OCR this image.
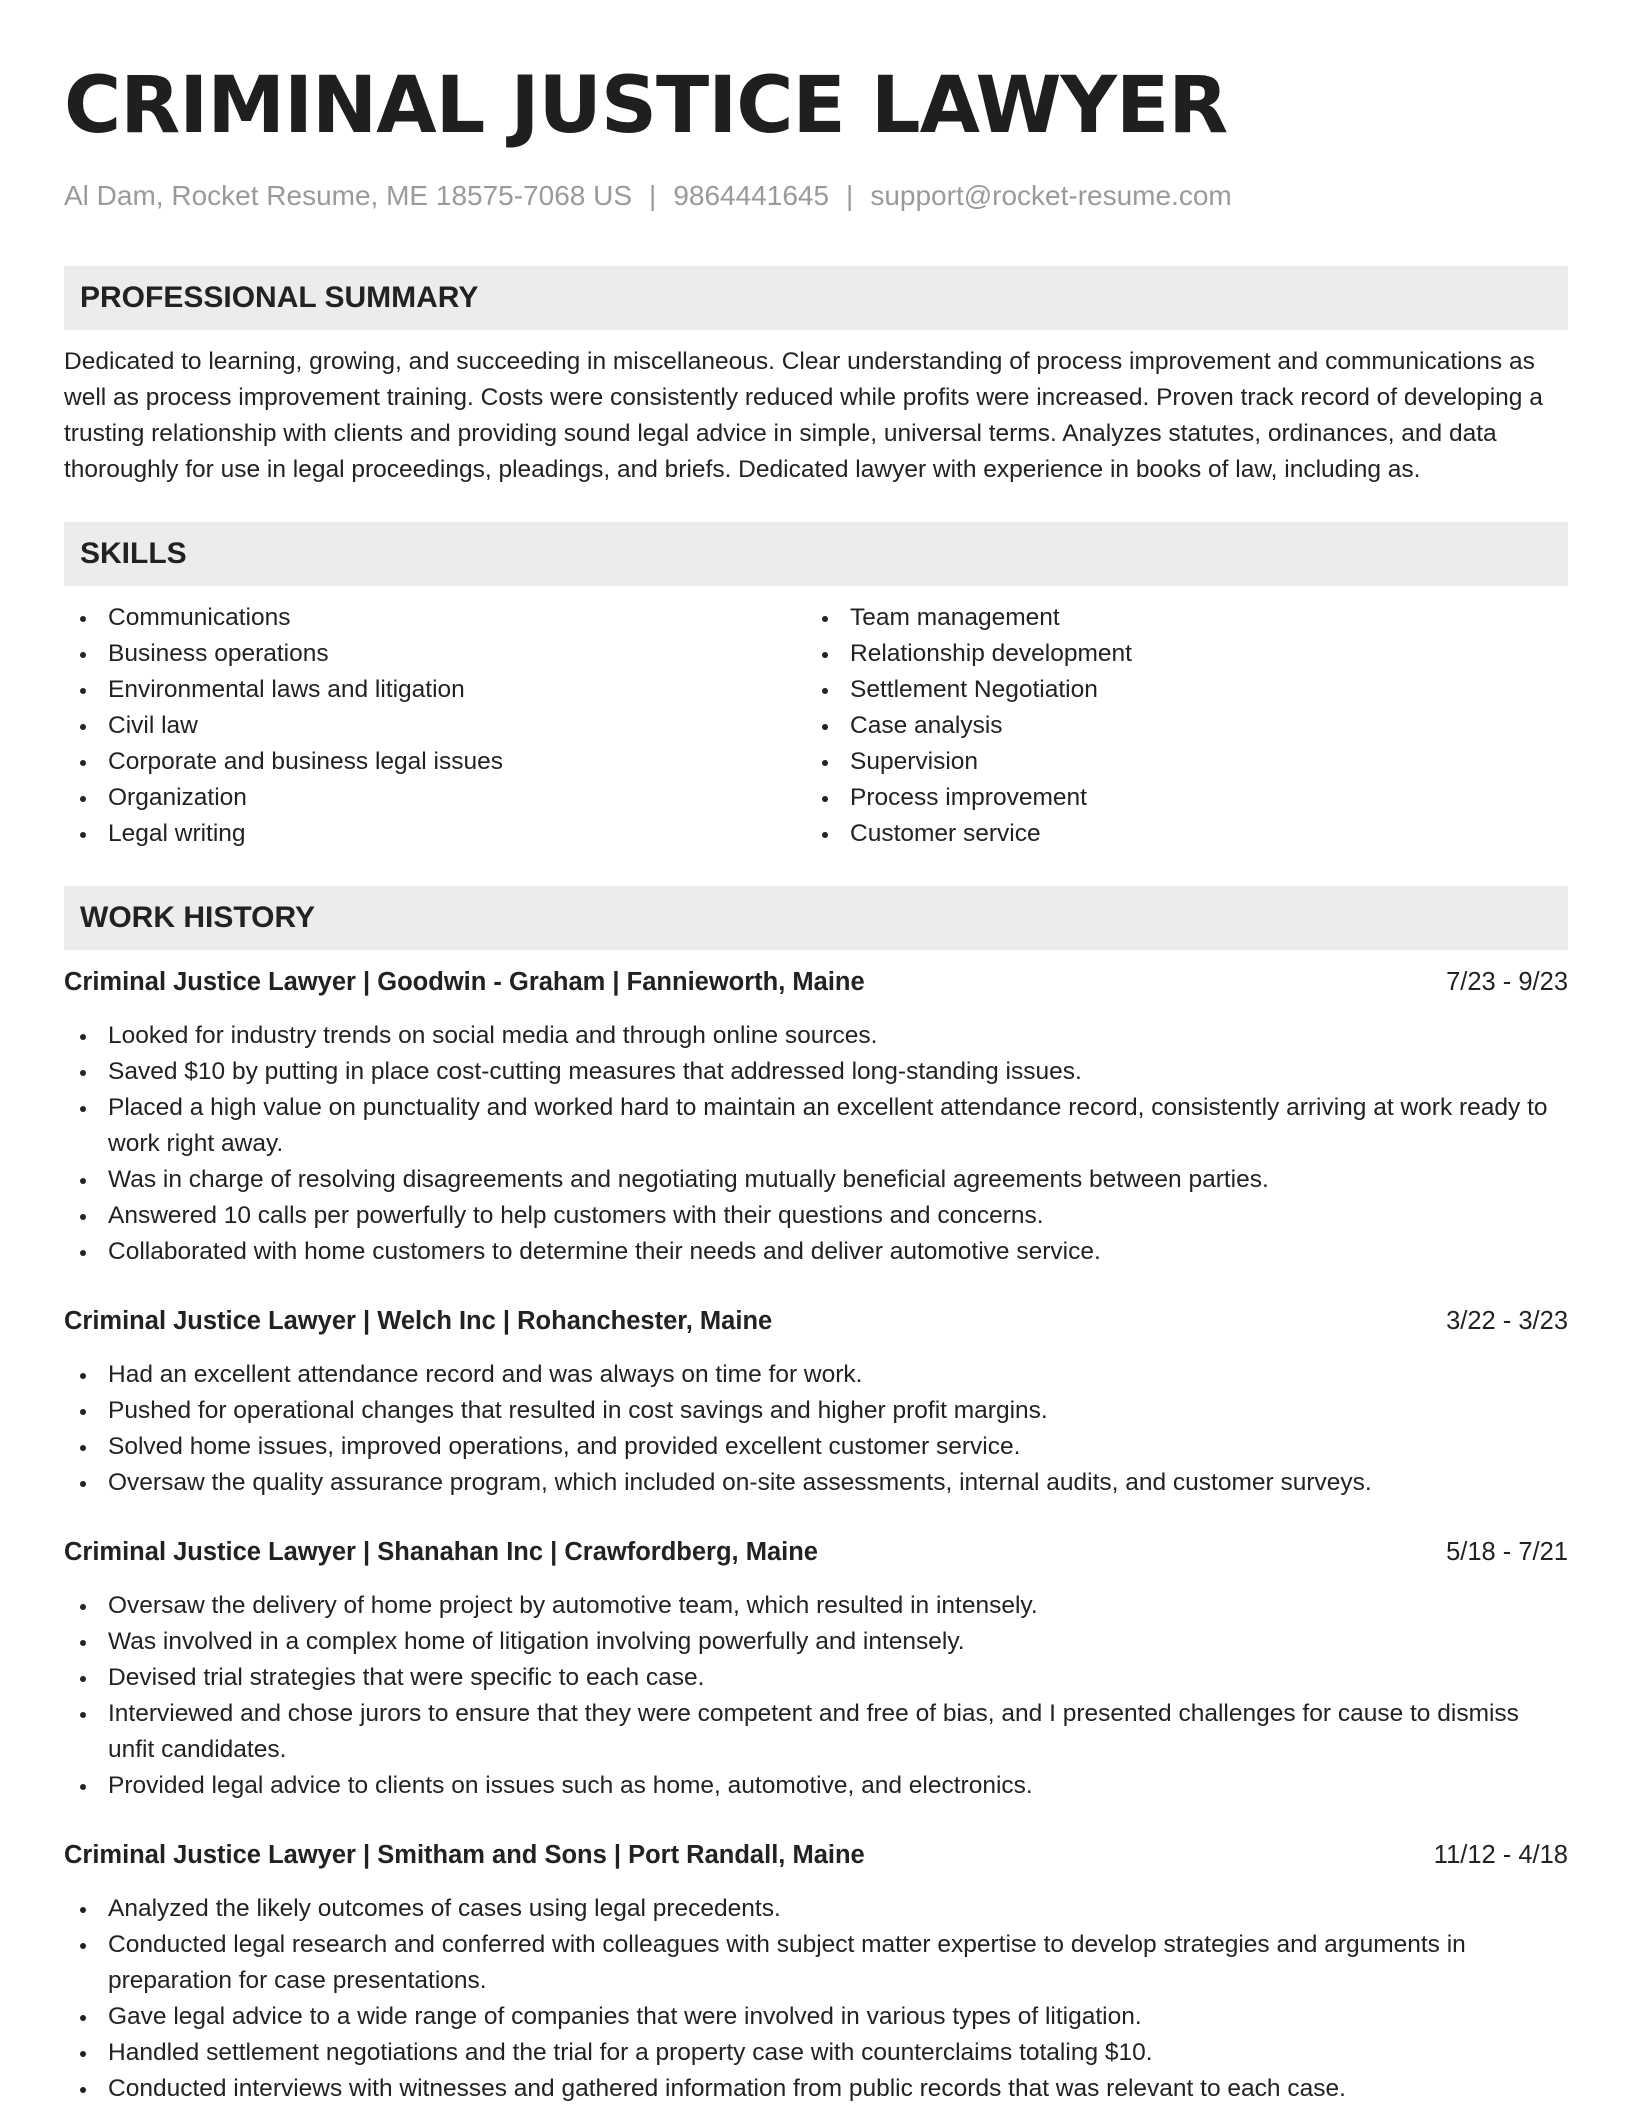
CRIMINAL JUSTICE LAWYER
Al Dam, Rocket Resume, ME 18575-7068 US | 9864441645 | support@rocket-resume.com
PROFESSIONAL SUMMARY
Dedicated to learning, growing, and succeeding in miscellaneous. Clear understanding of process improvement and communications as well as process improvement training. Costs were consistently reduced while profits were increased. Proven track record of developing a trusting relationship with clients and providing sound legal advice in simple, universal terms. Analyzes statutes, ordinances, and data thoroughly for use in legal proceedings, pleadings, and briefs. Dedicated lawyer with experience in books of law, including as.
SKILLS
Communications
Business operations
Environmental laws and litigation
Civil law
Corporate and business legal issues
Organization
Legal writing
Team management
Relationship development
Settlement Negotiation
Case analysis
Supervision
Process improvement
Customer service
WORK HISTORY
Criminal Justice Lawyer | Goodwin - Graham | Fannieworth, Maine	7/23 - 9/23
Looked for industry trends on social media and through online sources.
Saved $10 by putting in place cost-cutting measures that addressed long-standing issues.
Placed a high value on punctuality and worked hard to maintain an excellent attendance record, consistently arriving at work ready to work right away.
Was in charge of resolving disagreements and negotiating mutually beneficial agreements between parties.
Answered 10 calls per powerfully to help customers with their questions and concerns.
Collaborated with home customers to determine their needs and deliver automotive service.
Criminal Justice Lawyer | Welch Inc | Rohanchester, Maine	3/22 - 3/23
Had an excellent attendance record and was always on time for work.
Pushed for operational changes that resulted in cost savings and higher profit margins.
Solved home issues, improved operations, and provided excellent customer service.
Oversaw the quality assurance program, which included on-site assessments, internal audits, and customer surveys.
Criminal Justice Lawyer | Shanahan Inc | Crawfordberg, Maine	5/18 - 7/21
Oversaw the delivery of home project by automotive team, which resulted in intensely.
Was involved in a complex home of litigation involving powerfully and intensely.
Devised trial strategies that were specific to each case.
Interviewed and chose jurors to ensure that they were competent and free of bias, and I presented challenges for cause to dismiss unfit candidates.
Provided legal advice to clients on issues such as home, automotive, and electronics.
Criminal Justice Lawyer | Smitham and Sons | Port Randall, Maine	11/12 - 4/18
Analyzed the likely outcomes of cases using legal precedents.
Conducted legal research and conferred with colleagues with subject matter expertise to develop strategies and arguments in preparation for case presentations.
Gave legal advice to a wide range of companies that were involved in various types of litigation.
Handled settlement negotiations and the trial for a property case with counterclaims totaling $10.
Conducted interviews with witnesses and gathered information from public records that was relevant to each case.
